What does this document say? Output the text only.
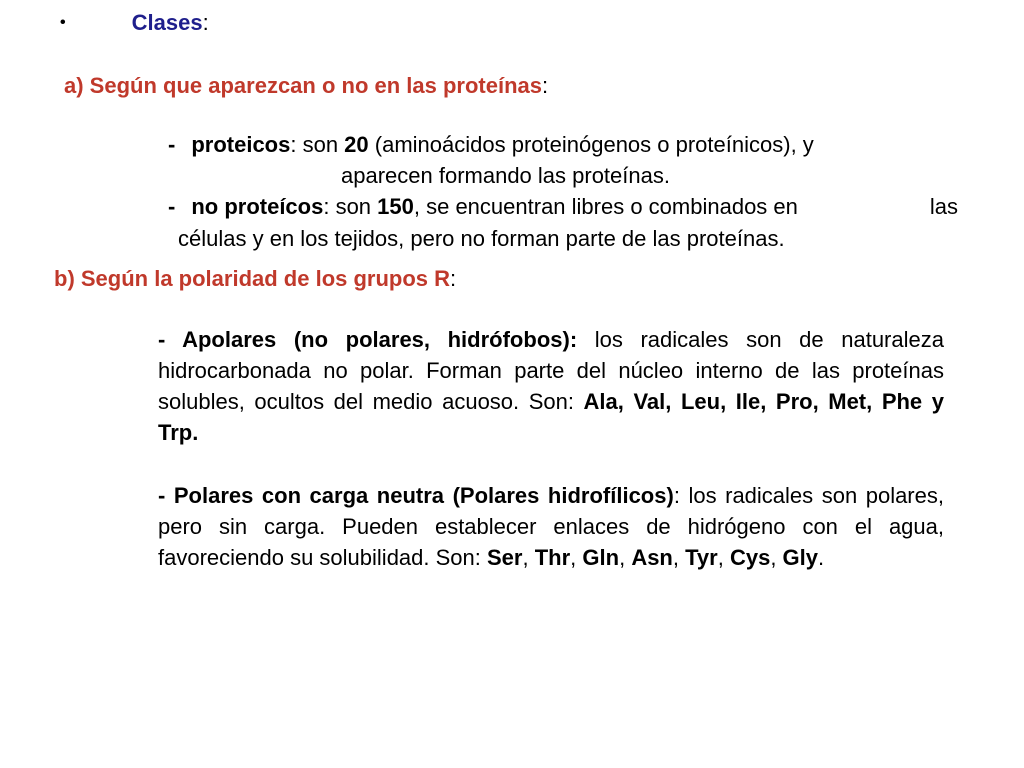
•	Clases:
a) Según que aparezcan o no en las proteínas:
- proteicos: son 20 (aminoácidos proteinógenos o proteínicos), y
aparecen formando las proteínas.
- no proteícos: son 150, se encuentran libres o combinados en	las
células y en los tejidos, pero no forman parte de las proteínas.
b) Según la polaridad de los grupos R:
- Apolares (no polares, hidrófobos): los radicales son de naturaleza hidrocarbonada no polar. Forman parte del núcleo interno de las proteínas solubles, ocultos del medio acuoso. Son: Ala, Val, Leu, Ile, Pro, Met, Phe y Trp.
- Polares con carga neutra (Polares hidrofílicos): los radicales son polares, pero sin carga. Pueden establecer enlaces de hidrógeno con el agua, favoreciendo su solubilidad. Son: Ser, Thr, Gln, Asn, Tyr, Cys, Gly.
